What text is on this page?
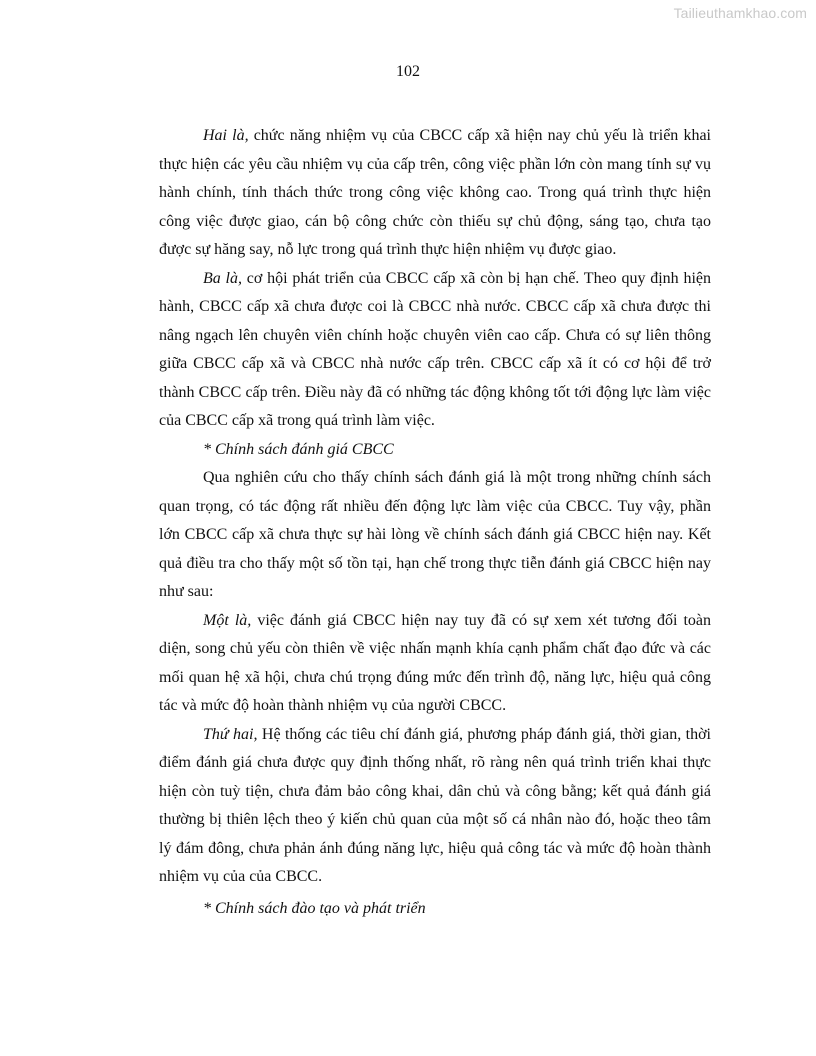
Tailieuthamkhao.com
102

Hai là, chức năng nhiệm vụ của CBCC cấp xã hiện nay chủ yếu là triển khai thực hiện các yêu cầu nhiệm vụ của cấp trên, công việc phần lớn còn mang tính sự vụ hành chính, tính thách thức trong công việc không cao. Trong quá trình thực hiện công việc được giao, cán bộ công chức còn thiếu sự chủ động, sáng tạo, chưa tạo được sự hăng say, nỗ lực trong quá trình thực hiện nhiệm vụ được giao.

Ba là, cơ hội phát triển của CBCC cấp xã còn bị hạn chế. Theo quy định hiện hành, CBCC cấp xã chưa được coi là CBCC nhà nước. CBCC cấp xã chưa được thi nâng ngạch lên chuyên viên chính hoặc chuyên viên cao cấp. Chưa có sự liên thông giữa CBCC cấp xã và CBCC nhà nước cấp trên. CBCC cấp xã ít có cơ hội để trở thành CBCC cấp trên. Điều này đã có những tác động không tốt tới động lực làm việc của CBCC cấp xã trong quá trình làm việc.

* Chính sách đánh giá CBCC

Qua nghiên cứu cho thấy chính sách đánh giá là một trong những chính sách quan trọng, có tác động rất nhiều đến động lực làm việc của CBCC. Tuy vậy, phần lớn CBCC cấp xã chưa thực sự hài lòng về chính sách đánh giá CBCC hiện nay. Kết quả điều tra cho thấy một số tồn tại, hạn chế trong thực tiễn đánh giá CBCC hiện nay như sau:

Một là, việc đánh giá CBCC hiện nay tuy đã có sự xem xét tương đối toàn diện, song chủ yếu còn thiên về việc nhấn mạnh khía cạnh phẩm chất đạo đức và các mối quan hệ xã hội, chưa chú trọng đúng mức đến trình độ, năng lực, hiệu quả công tác và mức độ hoàn thành nhiệm vụ của người CBCC.

Thứ hai, Hệ thống các tiêu chí đánh giá, phương pháp đánh giá, thời gian, thời điểm đánh giá chưa được quy định thống nhất, rõ ràng nên quá trình triển khai thực hiện còn tuỳ tiện, chưa đảm bảo công khai, dân chủ và công bằng; kết quả đánh giá thường bị thiên lệch theo ý kiến chủ quan của một số cá nhân nào đó, hoặc theo tâm lý đám đông, chưa phản ánh đúng năng lực, hiệu quả công tác và mức độ hoàn thành nhiệm vụ của của CBCC.

* Chính sách đào tạo và phát triển
